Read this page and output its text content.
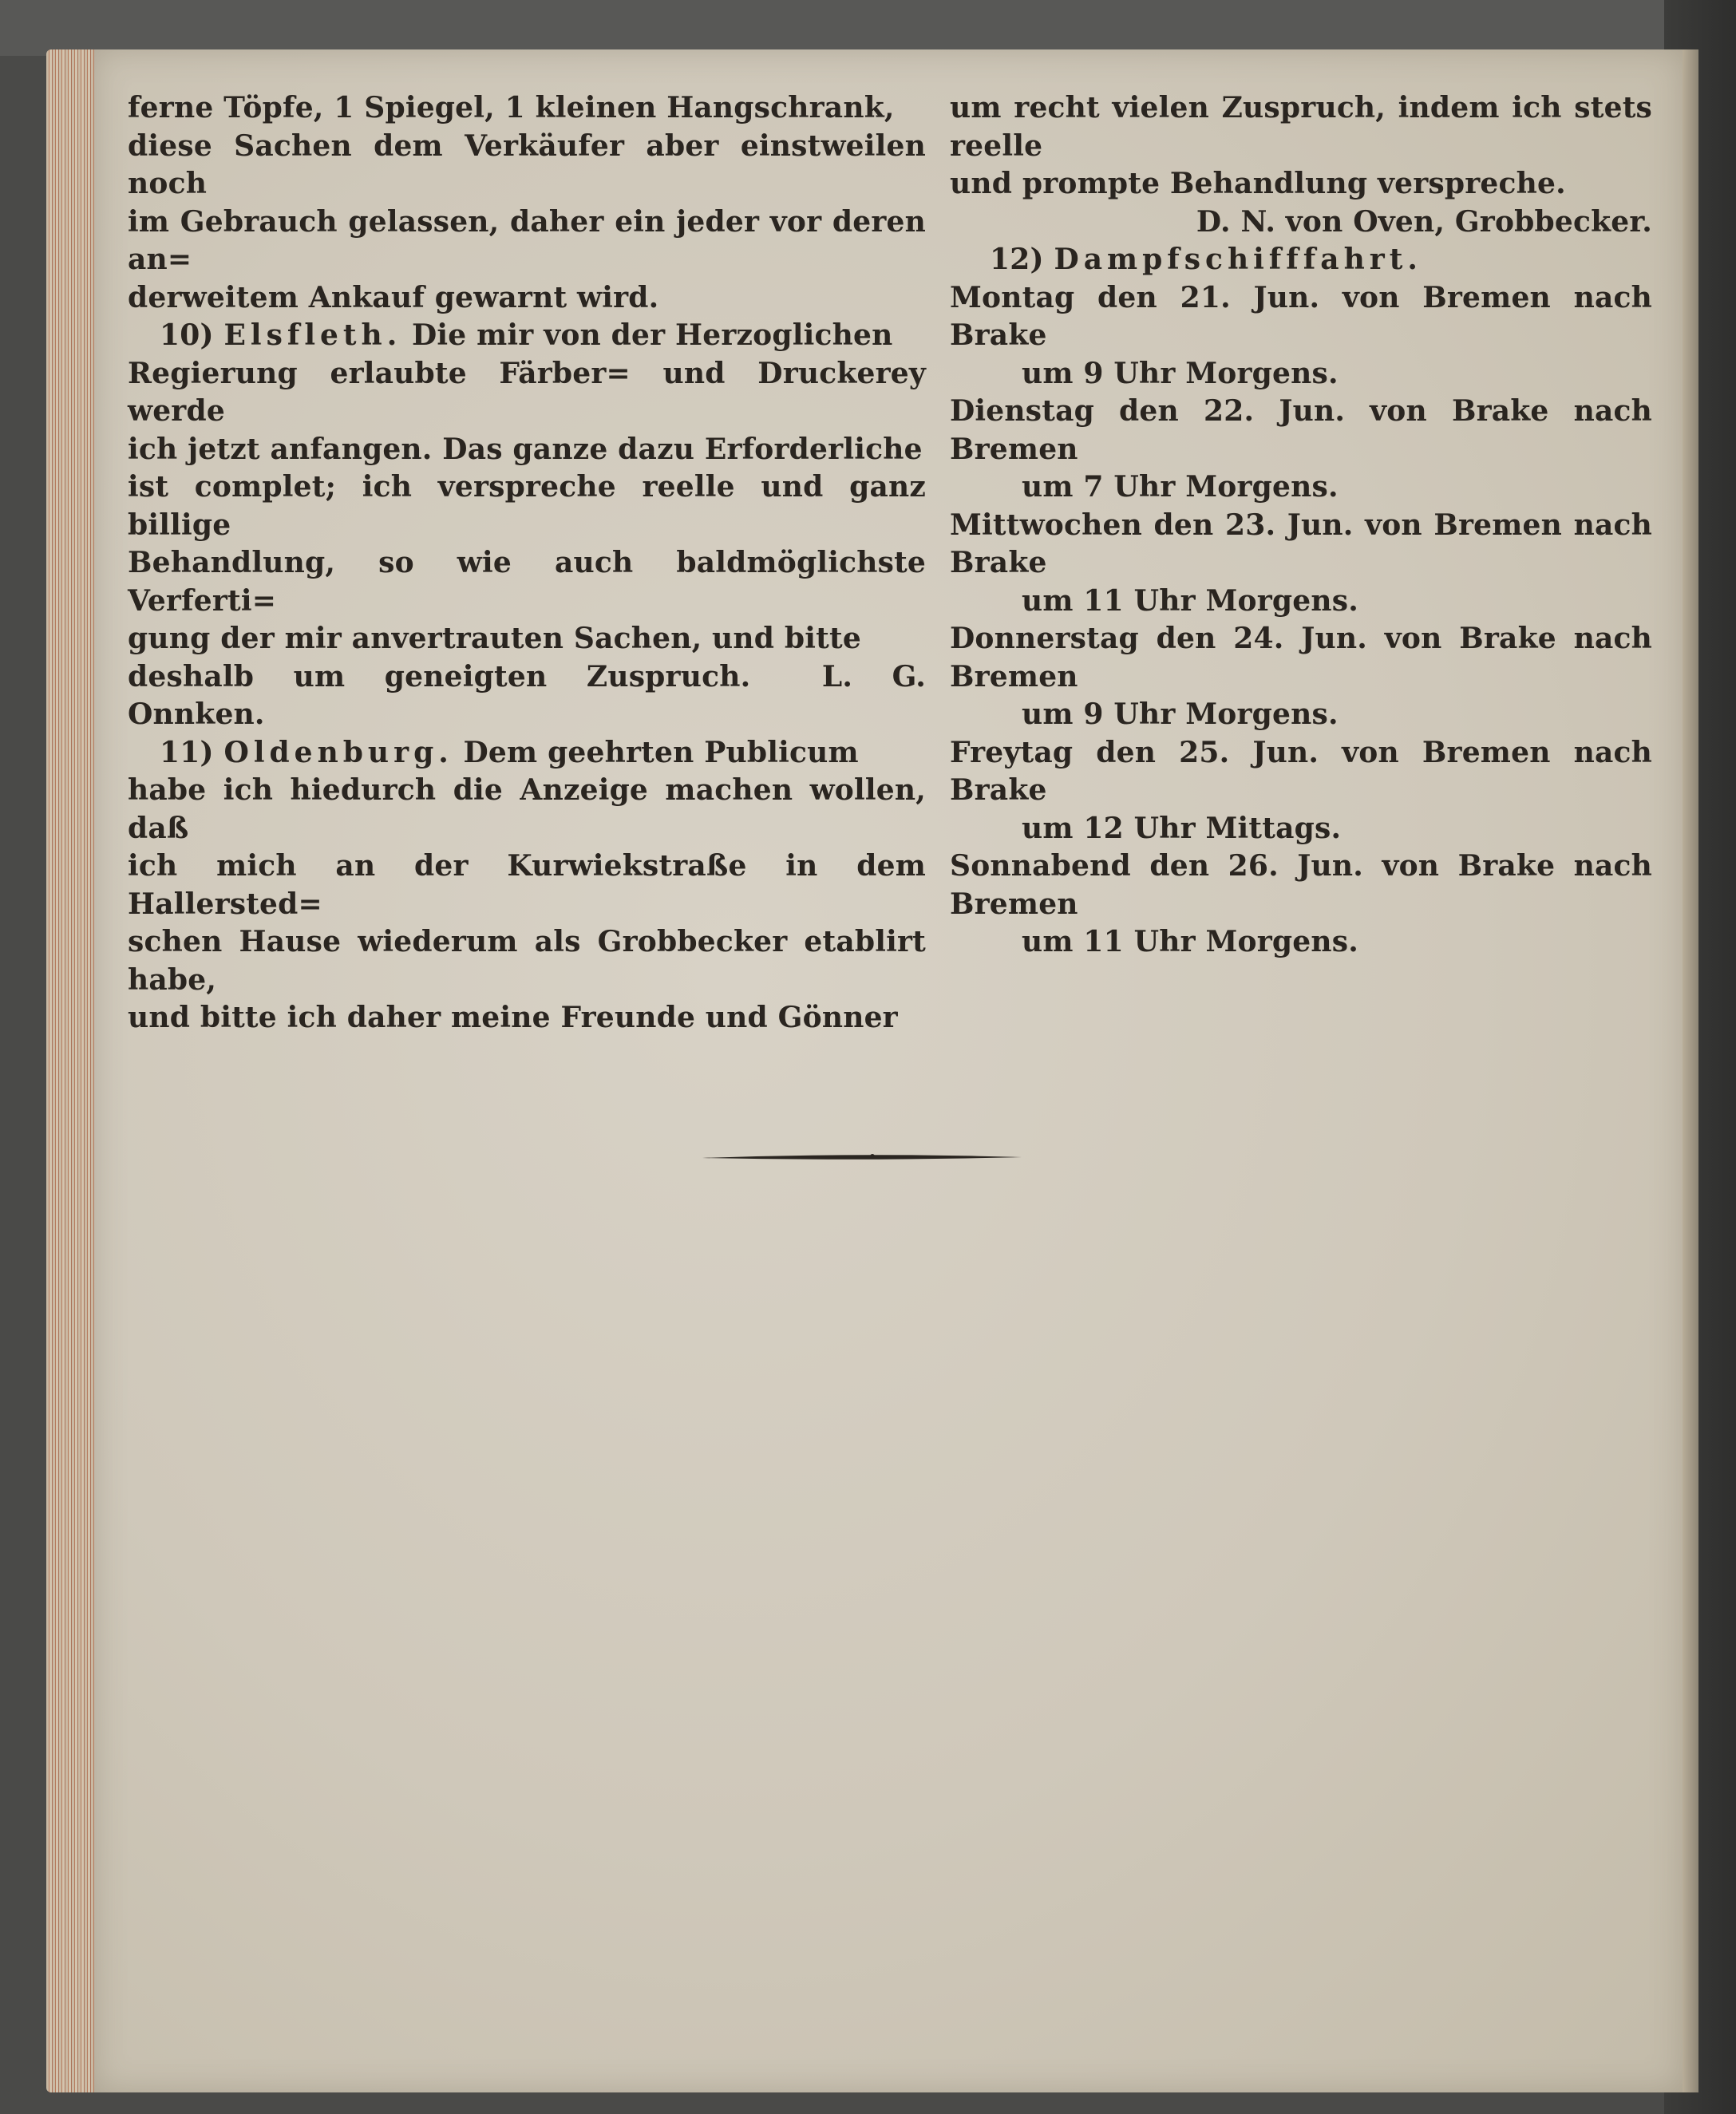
ferne Töpfe, 1 Spiegel, 1 kleinen Hangschrank,
diese Sachen dem Verkäufer aber einstweilen noch
im Gebrauch gelassen, daher ein jeder vor deren an=
derweitem Ankauf gewarnt wird.
10) Elsfleth. Die mir von der Herzoglichen
Regierung erlaubte Färber= und Druckerey werde
ich jetzt anfangen. Das ganze dazu Erforderliche
ist complet; ich verspreche reelle und ganz billige
Behandlung, so wie auch baldmöglichste Verferti=
gung der mir anvertrauten Sachen, und bitte
deshalb um geneigten Zuspruch. L. G. Onnken.
11) Oldenburg. Dem geehrten Publicum
habe ich hiedurch die Anzeige machen wollen, daß
ich mich an der Kurwiekstraße in dem Hallersted=
schen Hause wiederum als Grobbecker etablirt habe,
und bitte ich daher meine Freunde und Gönner
um recht vielen Zuspruch, indem ich stets reelle
und prompte Behandlung verspreche.
D. N. von Oven, Grobbecker.
12) Dampfschifffahrt.
Montag den 21. Jun. von Bremen nach Brake
um 9 Uhr Morgens.
Dienstag den 22. Jun. von Brake nach Bremen
um 7 Uhr Morgens.
Mittwochen den 23. Jun. von Bremen nach Brake
um 11 Uhr Morgens.
Donnerstag den 24. Jun. von Brake nach Bremen
um 9 Uhr Morgens.
Freytag den 25. Jun. von Bremen nach Brake
um 12 Uhr Mittags.
Sonnabend den 26. Jun. von Brake nach Bremen
um 11 Uhr Morgens.
